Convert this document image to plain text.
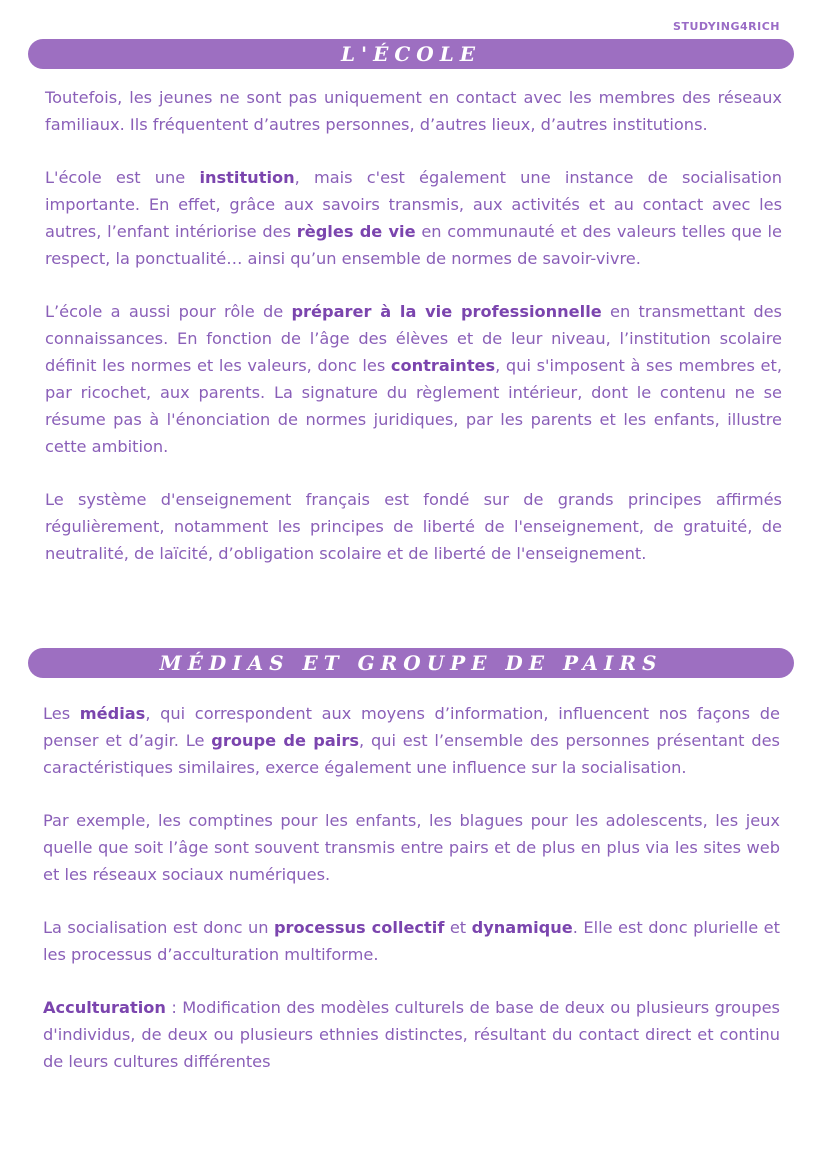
STUDYING4RICH
L'ÉCOLE

Toutefois, les jeunes ne sont pas uniquement en contact avec les membres des réseaux familiaux. Ils fréquentent d’autres personnes, d’autres lieux, d’autres institutions.

L'école est une institution, mais c'est également une instance de socialisation importante. En effet, grâce aux savoirs transmis, aux activités et au contact avec les autres, l’enfant intériorise des règles de vie en communauté et des valeurs telles que le respect, la ponctualité… ainsi qu’un ensemble de normes de savoir-vivre.

L’école a aussi pour rôle de préparer à la vie professionnelle en transmettant des connaissances. En fonction de l’âge des élèves et de leur niveau, l’institution scolaire définit les normes et les valeurs, donc les contraintes, qui s'imposent à ses membres et, par ricochet, aux parents. La signature du règlement intérieur, dont le contenu ne se résume pas à l'énonciation de normes juridiques, par les parents et les enfants, illustre cette ambition.

Le système d'enseignement français est fondé sur de grands principes affirmés régulièrement, notamment les principes de liberté de l'enseignement, de gratuité, de neutralité, de laïcité, d’obligation scolaire et de liberté de l'enseignement.

MÉDIAS ET GROUPE DE PAIRS

Les médias, qui correspondent aux moyens d’information, influencent nos façons de penser et d’agir. Le groupe de pairs, qui est l’ensemble des personnes présentant des caractéristiques similaires, exerce également une influence sur la socialisation.

Par exemple, les comptines pour les enfants, les blagues pour les adolescents, les jeux quelle que soit l’âge sont souvent transmis entre pairs et de plus en plus via les sites web et les réseaux sociaux numériques.

La socialisation est donc un processus collectif et dynamique. Elle est donc plurielle et les processus d’acculturation multiforme.

Acculturation : Modification des modèles culturels de base de deux ou plusieurs groupes d'individus, de deux ou plusieurs ethnies distinctes, résultant du contact direct et continu de leurs cultures différentes
